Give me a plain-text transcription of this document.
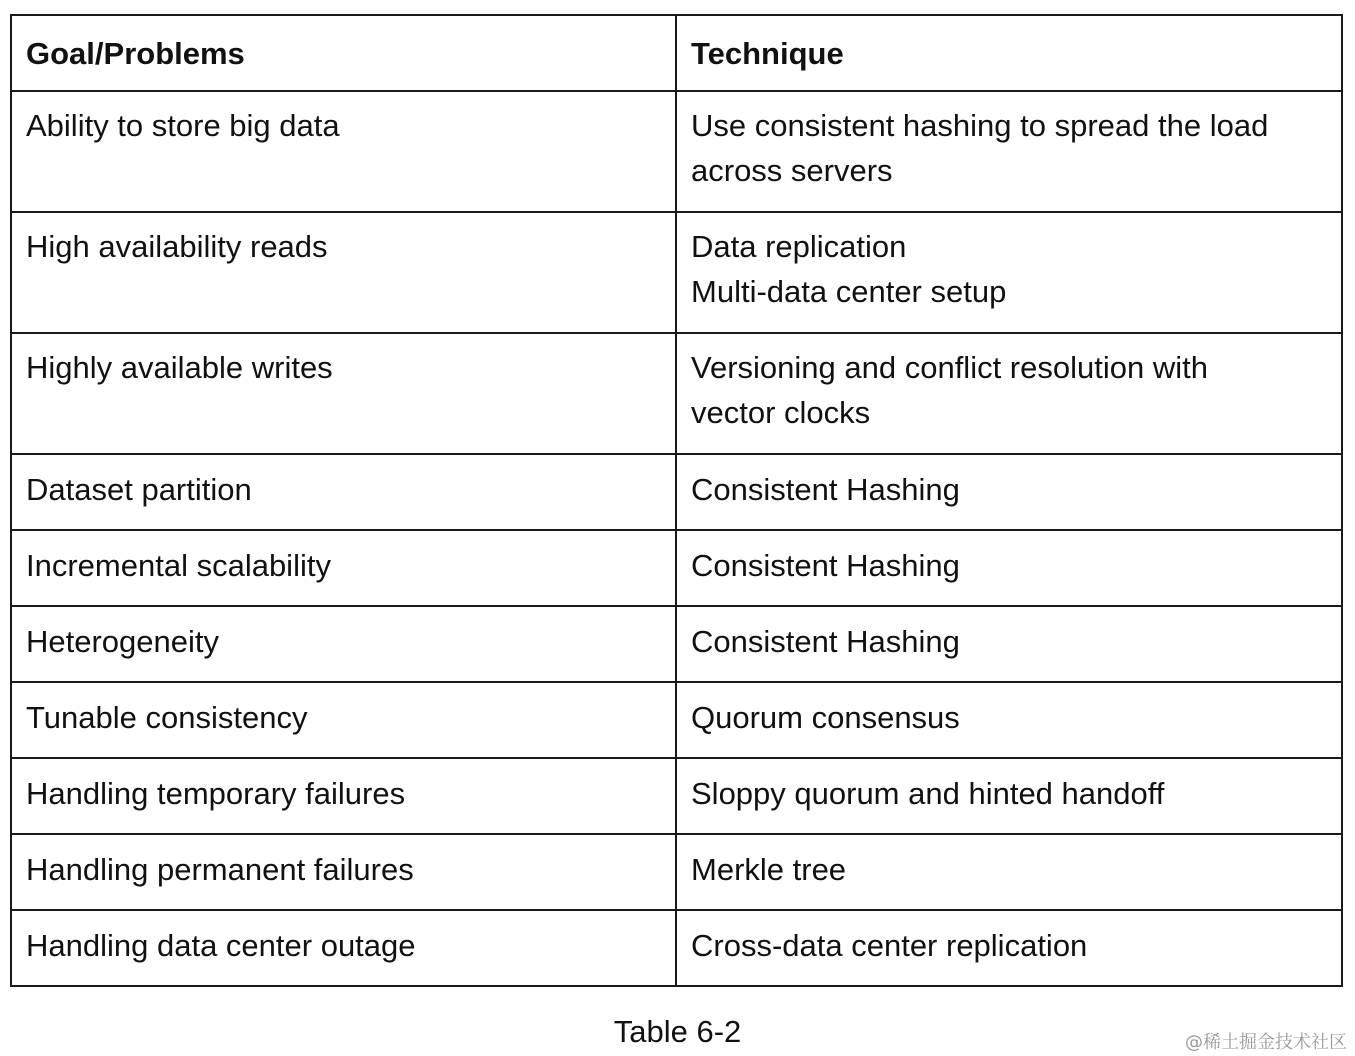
Goal/Problems	Technique
Ability to store big data	Use consistent hashing to spread the load
across servers

High availability reads	Data replication
Multi-data center setup

Highly available writes	Versioning and conflict resolution with
vector clocks

Dataset partition	Consistent Hashing
Incremental scalability	Consistent Hashing
Heterogeneity	Consistent Hashing
Tunable consistency	Quorum consensus
Handling temporary failures	Sloppy quorum and hinted handoff
Handling permanent failures	Merkle tree
Handling data center outage	Cross-data center replication
Table 6-2	@稀土掘金技术社区
